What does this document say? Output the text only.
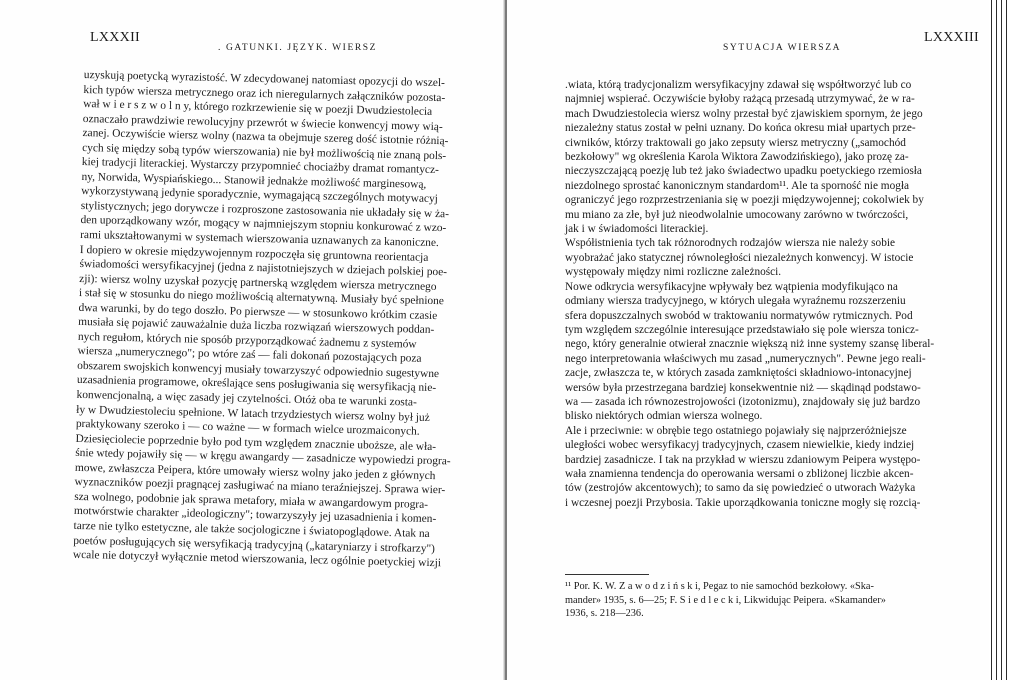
LXXXII
. GATUNKI. JĘZYK. WIERSZ
uzyskują poetycką wyrazistość. W zdecydowanej natomiast opozycji do wszel-
kich typów wiersza metrycznego oraz ich nieregularnych załączników pozosta-
wał w i e r s z w o l n y, którego rozkrzewienie się w poezji Dwudziestolecia
oznaczało prawdziwie rewolucyjny przewrót w świecie konwencyj mowy wią-
zanej. Oczywiście wiersz wolny (nazwa ta obejmuje szereg dość istotnie różnią-
cych się między sobą typów wierszowania) nie był możliwością nie znaną pols-
kiej tradycji literackiej. Wystarczy przypomnieć chociażby dramat romantycz-
ny, Norwida, Wyspiańskiego... Stanowił jednakże możliwość marginesową,
wykorzystywaną jedynie sporadycznie, wymagającą szczególnych motywacyj
stylistycznych; jego dorywcze i rozproszone zastosowania nie układały się w ża-
den uporządkowany wzór, mogący w najmniejszym stopniu konkurować z wzo-
rami ukształtowanymi w systemach wierszowania uznawanych za kanoniczne.
I dopiero w okresie międzywojennym rozpoczęła się gruntowna reorientacja
świadomości wersyfikacyjnej (jedna z najistotniejszych w dziejach polskiej poe-
zji): wiersz wolny uzyskał pozycję partnerską względem wiersza metrycznego
i stał się w stosunku do niego możliwością alternatywną. Musiały być spełnione
dwa warunki, by do tego doszło. Po pierwsze — w stosunkowo krótkim czasie
musiała się pojawić zauważalnie duża liczba rozwiązań wierszowych poddan-
nych regułom, których nie sposób przyporządkować żadnemu z systemów
wiersza „numerycznego"; po wtóre zaś — fali dokonań pozostających poza
obszarem swojskich konwencyj musiały towarzyszyć odpowiednio sugestywne
uzasadnienia programowe, określające sens posługiwania się wersyfikacją nie-
konwencjonalną, a więc zasady jej czytelności. Otóż oba te warunki zosta-
ły w Dwudziestoleciu spełnione. W latach trzydziestych wiersz wolny był już
praktykowany szeroko i — co ważne — w formach wielce urozmaiconych.
Dziesięciolecie poprzednie było pod tym względem znacznie uboższe, ale wła-
śnie wtedy pojawiły się — w kręgu awangardy — zasadnicze wypowiedzi progra-
mowe, zwłaszcza Peipera, które umowały wiersz wolny jako jeden z głównych
wyznaczników poezji pragnącej zasługiwać na miano teraźniejszej. Sprawa wier-
sza wolnego, podobnie jak sprawa metafory, miała w awangardowym progra-
motwórstwie charakter „ideologiczny"; towarzyszyły jej uzasadnienia i komen-
tarze nie tylko estetyczne, ale także socjologiczne i światopoglądowe. Atak na
poetów posługujących się wersyfikacją tradycyjną („kataryniarzy i strofkarzy")
wcale nie dotyczył wyłącznie metod wierszowania, lecz ogólnie poetyckiej wizji
SYTUACJA WIERSZA
LXXXIII
.wiata, którą tradycjonalizm wersyfikacyjny zdawał się współtworzyć lub co
najmniej wspierać. Oczywiście byłoby rażącą przesadą utrzymywać, że w ra-
mach Dwudziestolecia wiersz wolny przestał być zjawiskiem spornym, że jego
niezależny status został w pełni uznany. Do końca okresu miał upartych prze-
ciwników, którzy traktowali go jako zepsuty wiersz metryczny („samochód
bezkołowy" wg określenia Karola Wiktora Zawodzińskiego), jako prozę za-
nieczyszczającą poezję lub też jako świadectwo upadku poetyckiego rzemiosła
niezdolnego sprostać kanonicznym standardom¹¹. Ale ta sporność nie mogła
ograniczyć jego rozprzestrzeniania się w poezji międzywojennej; cokolwiek by
mu miano za złe, był już nieodwolalnie umocowany zarówno w twórczości,
jak i w świadomości literackiej.
Współistnienia tych tak różnorodnych rodzajów wiersza nie należy sobie
wyobrażać jako statycznej równoległości niezależnych konwencyj. W istocie
występowały między nimi rozliczne zależności.
Nowe odkrycia wersyfikacyjne wpływały bez wątpienia modyfikująco na
odmiany wiersza tradycyjnego, w których ulegała wyraźnemu rozszerzeniu
sfera dopuszczalnych swobód w traktowaniu normatywów rytmicznych. Pod
tym względem szczególnie interesujące przedstawiało się pole wiersza tonicz-
nego, który generalnie otwierał znacznie większą niż inne systemy szansę liberal-
nego interpretowania właściwych mu zasad „numerycznych". Pewne jego reali-
zacje, zwłaszcza te, w których zasada zamkniętości składniowo-intonacyjnej
wersów była przestrzegana bardziej konsekwentnie niż — skądinąd podstawo-
wa — zasada ich równozestrojowości (izotonizmu), znajdowały się już bardzo
blisko niektórych odmian wiersza wolnego.
Ale i przeciwnie: w obrębie tego ostatniego pojawiały się najprzeróżniejsze
uległości wobec wersyfikacyj tradycyjnych, czasem niewielkie, kiedy indziej
bardziej zasadnicze. I tak na przykład w wierszu zdaniowym Peipera występo-
wała znamienna tendencja do operowania wersami o zbliżonej liczbie akcen-
tów (zestrojów akcentowych); to samo da się powiedzieć o utworach Ważyka
i wczesnej poezji Przybosia. Takie uporządkowania toniczne mogły się rozcią-
¹¹ Por. K. W. Z a w o d z i ń s k i, Pegaz to nie samochód bezkołowy. «Ska-
mander» 1935, s. 6—25; F. S i e d l e c k i, Likwidując Peipera. «Skamander»
1936, s. 218—236.
